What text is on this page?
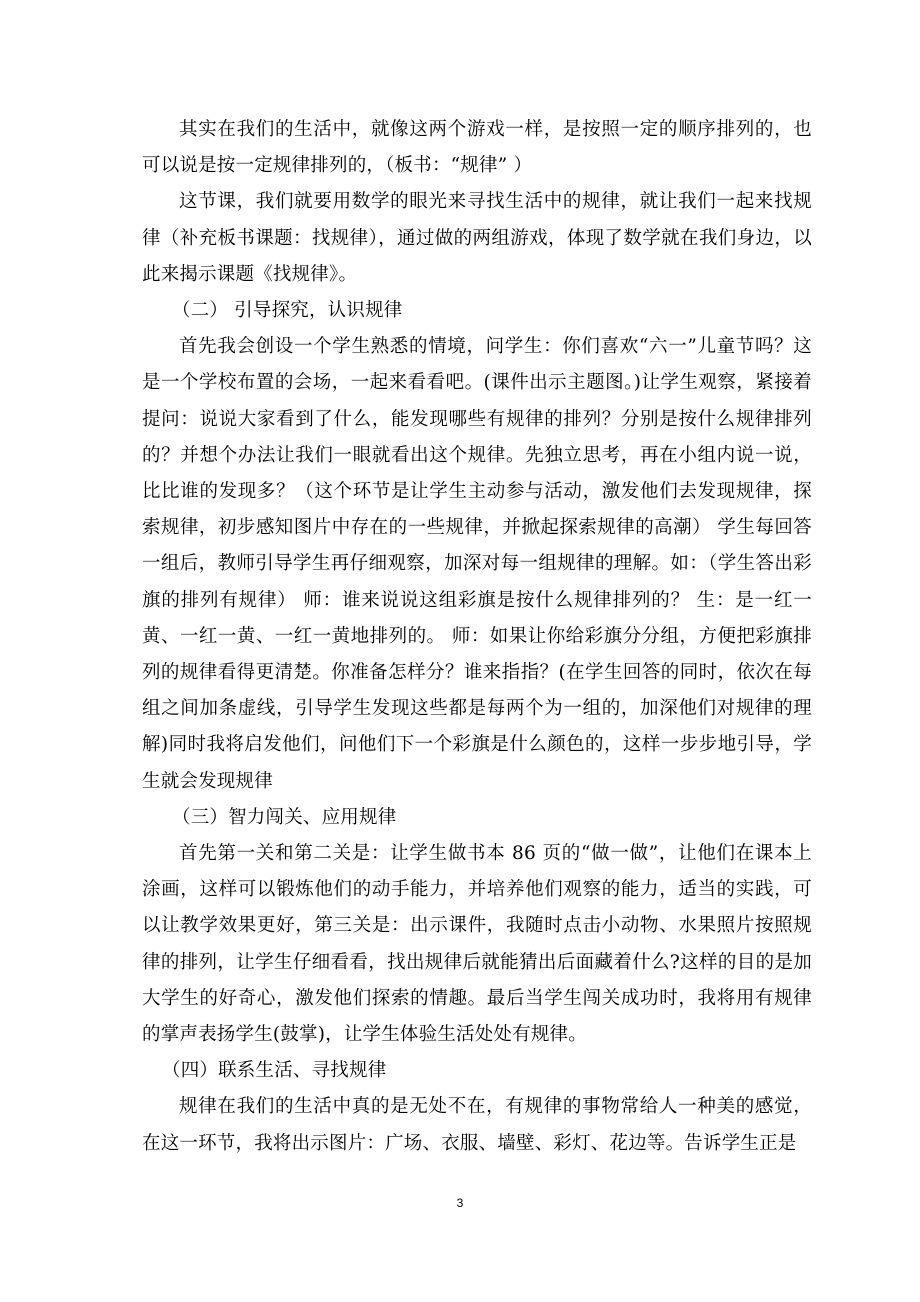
其实在我们的生活中，就像这两个游戏一样，是按照一定的顺序排列的，也可以说是按一定规律排列的，（板书：“规律” ）

这节课，我们就要用数学的眼光来寻找生活中的规律，就让我们一起来找规律（补充板书课题：找规律），通过做的两组游戏，体现了数学就在我们身边，以此来揭示课题《找规律》。

（二） 引导探究，认识规律

首先我会创设一个学生熟悉的情境，问学生：你们喜欢“六一”儿童节吗？这是一个学校布置的会场，一起来看看吧。(课件出示主题图。)让学生观察，紧接着提问：说说大家看到了什么，能发现哪些有规律的排列？分别是按什么规律排列的？并想个办法让我们一眼就看出这个规律。先独立思考，再在小组内说一说，比比谁的发现多？（这个环节是让学生主动参与活动，激发他们去发现规律，探索规律，初步感知图片中存在的一些规律，并掀起探索规律的高潮） 学生每回答一组后，教师引导学生再仔细观察，加深对每一组规律的理解。如：（学生答出彩旗的排列有规律） 师：谁来说说这组彩旗是按什么规律排列的？ 生：是一红一黄、一红一黄、一红一黄地排列的。 师：如果让你给彩旗分分组，方便把彩旗排列的规律看得更清楚。你准备怎样分？谁来指指？(在学生回答的同时，依次在每组之间加条虚线，引导学生发现这些都是每两个为一组的，加深他们对规律的理解)同时我将启发他们，问他们下一个彩旗是什么颜色的，这样一步步地引导，学生就会发现规律

（三）智力闯关、应用规律

首先第一关和第二关是：让学生做书本 86 页的“做一做”，让他们在课本上涂画，这样可以锻炼他们的动手能力，并培养他们观察的能力，适当的实践，可以让教学效果更好，第三关是：出示课件，我随时点击小动物、水果照片按照规律的排列，让学生仔细看看，找出规律后就能猜出后面藏着什么?这样的目的是加大学生的好奇心，激发他们探索的情趣。最后当学生闯关成功时，我将用有规律的掌声表扬学生(鼓掌)，让学生体验生活处处有规律。

（四）联系生活、寻找规律

规律在我们的生活中真的是无处不在，有规律的事物常给人一种美的感觉，在这一环节，我将出示图片：广场、衣服、墙壁、彩灯、花边等。告诉学生正是

3
